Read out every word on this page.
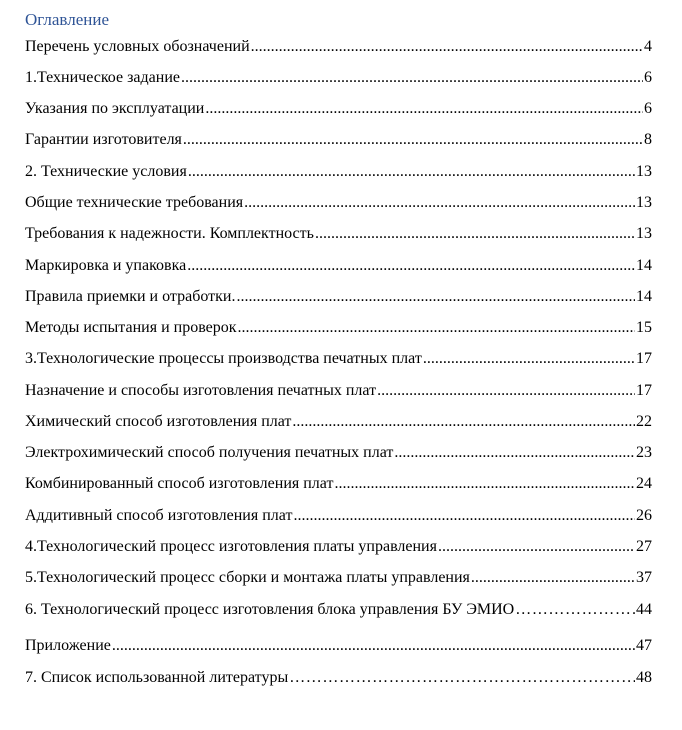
Оглавление
Перечень условных обозначений .....	4
1.Техническое задание .....	6
Указания по эксплуатации .....	6
Гарантии изготовителя .....	8
2. Технические условия .....	13
Общие технические требования .....	13
Требования к надежности. Комплектность .....	13
Маркировка и упаковка .....	14
Правила приемки и отработки. .....	14
Методы испытания и проверок .....	15
3.Технологические процессы производства печатных плат .....	17
Назначение и способы изготовления печатных плат .....	17
Химический способ изготовления плат .....	22
Электрохимический способ получения печатных плат .....	23
Комбинированный способ изготовления плат .....	24
Аддитивный способ изготовления плат .....	26
4.Технологический процесс изготовления платы управления .....	27
5.Технологический процесс сборки и монтажа платы управления .....	37
6. Технологический процесс изготовления блока управления БУ ЭМИО ………………………………………………………………………………………………………………………………………………………………………………………	44
Приложение .....	47
7. Список использованной литературы ………………………………………………………………………………………………………………………………………………………………………………………	48
